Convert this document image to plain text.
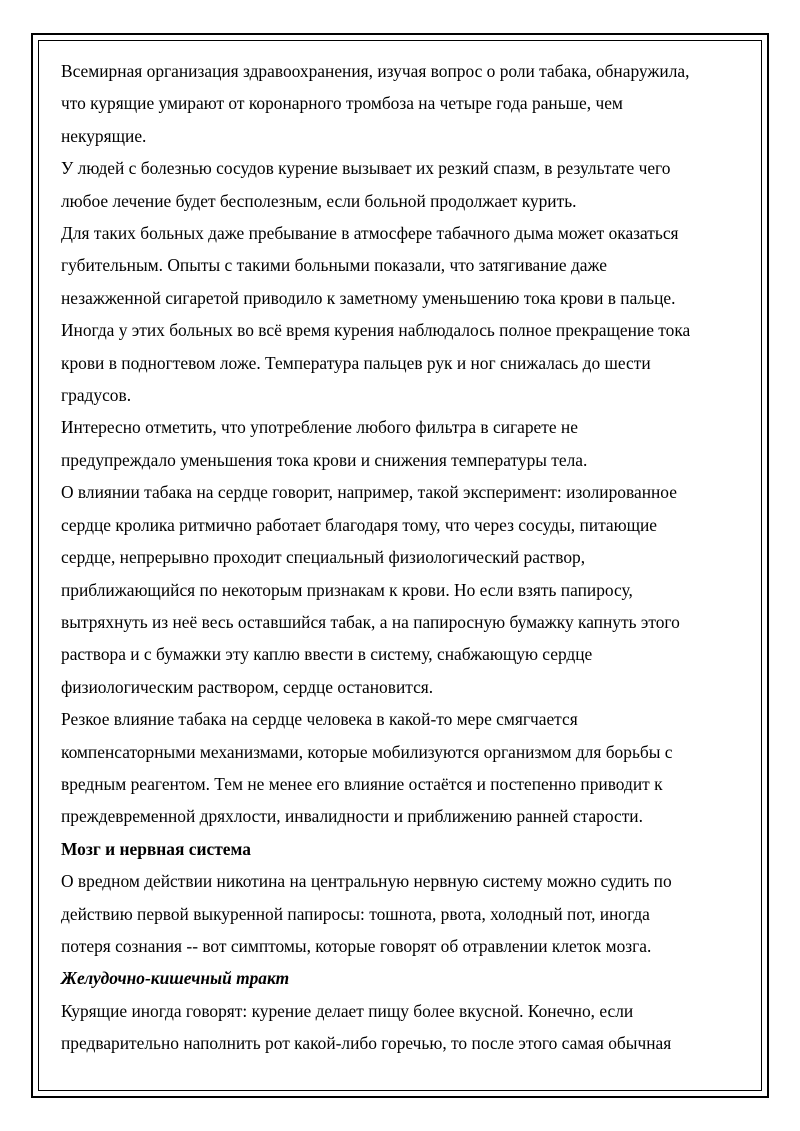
Всемирная организация здравоохранения, изучая вопрос о роли табака, обнаружила,
что курящие умирают от коронарного тромбоза на четыре года раньше, чем
некурящие.

У людей с болезнью сосудов курение вызывает их резкий спазм, в результате чего
любое лечение будет бесполезным, если больной продолжает курить.

Для таких больных даже пребывание в атмосфере табачного дыма может оказаться
губительным. Опыты с такими больными показали, что затягивание даже
незажженной сигаретой приводило к заметному уменьшению тока крови в пальце.

Иногда у этих больных во всё время курения наблюдалось полное прекращение тока
крови в подногтевом ложе. Температура пальцев рук и ног снижалась до шести
градусов.

Интересно отметить, что употребление любого фильтра в сигарете не
предупреждало уменьшения тока крови и снижения температуры тела.

О влиянии табака на сердце говорит, например, такой эксперимент: изолированное
сердце кролика ритмично работает благодаря тому, что через сосуды, питающие
сердце, непрерывно проходит специальный физиологический раствор,
приближающийся по некоторым признакам к крови. Но если взять папиросу,
вытряхнуть из неё весь оставшийся табак, а на папиросную бумажку капнуть этого
раствора и с бумажки эту каплю ввести в систему, снабжающую сердце
физиологическим раствором, сердце остановится.

Резкое влияние табака на сердце человека в какой-то мере смягчается
компенсаторными механизмами, которые мобилизуются организмом для борьбы с
вредным реагентом. Тем не менее его влияние остаётся и постепенно приводит к
преждевременной дряхлости, инвалидности и приближению ранней старости.

Мозг и нервная система

О вредном действии никотина на центральную нервную систему можно судить по
действию первой выкуренной папиросы: тошнота, рвота, холодный пот, иногда
потеря сознания -- вот симптомы, которые говорят об отравлении клеток мозга.

Желудочно-кишечный тракт

Курящие иногда говорят: курение делает пищу более вкусной. Конечно, если
предварительно наполнить рот какой-либо горечью, то после этого самая обычная
